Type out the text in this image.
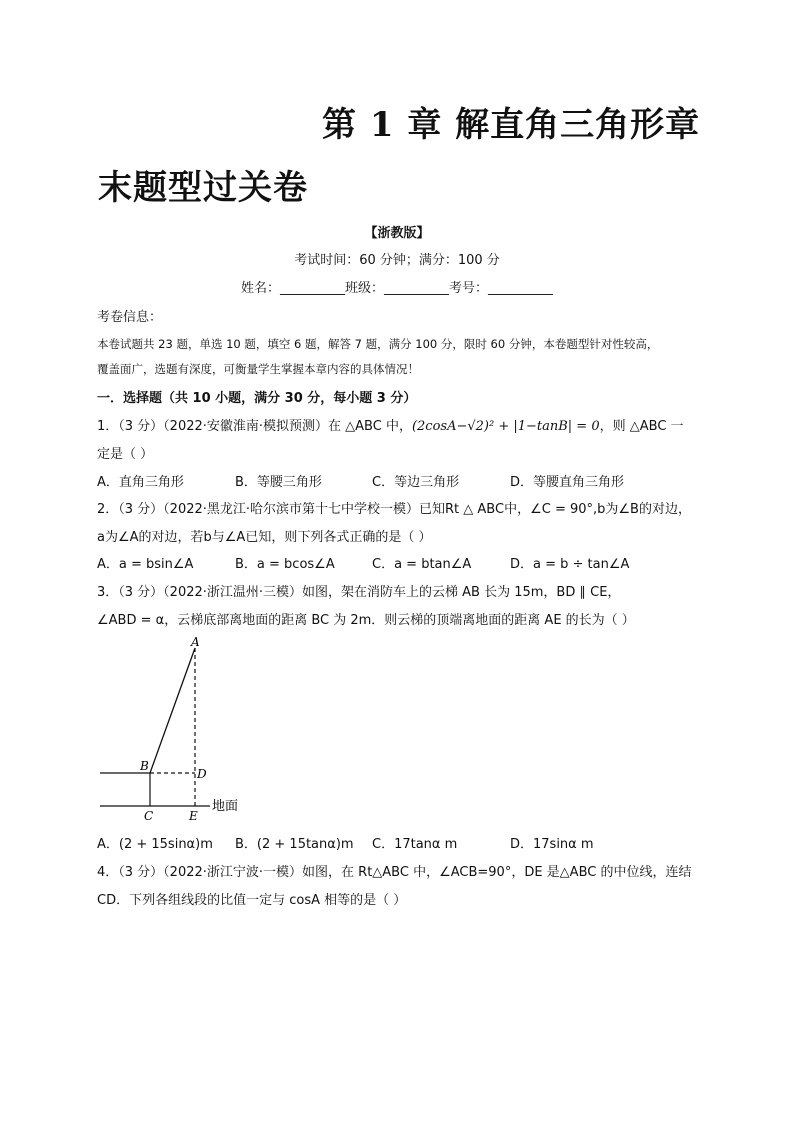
第 1 章 解直角三角形章
末题型过关卷
【浙教版】
考试时间：60 分钟；满分：100 分
姓名：__________班级：__________考号：__________
考卷信息：
本卷试题共 23 题，单选 10 题，填空 6 题，解答 7 题，满分 100 分，限时 60 分钟，本卷题型针对性较高，
覆盖面广，选题有深度，可衡量学生掌握本章内容的具体情况！
一．选择题（共 10 小题，满分 30 分，每小题 3 分）
1．（3 分）（2022·安徽淮南·模拟预测）在 △ABC 中，(2cosA−√2)² + |1−tanB| = 0，则 △ABC 一
定是（ ）
A．直角三角形	B．等腰三角形	C．等边三角形	D．等腰直角三角形
2．（3 分）（2022·黑龙江·哈尔滨市第十七中学校一模）已知Rt △ ABC中，∠C = 90°,b为∠B的对边，
a为∠A的对边，若b与∠A已知，则下列各式正确的是（ ）
A．a = bsin∠A	B．a = bcos∠A	C．a = btan∠A	D．a = b ÷ tan∠A
3．（3 分）（2022·浙江温州·三模）如图，架在消防车上的云梯 AB 长为 15m，BD ∥ CE，
∠ABD = α，云梯底部离地面的距离 BC 为 2m．则云梯的顶端离地面的距离 AE 的长为（ ）
A
B
D
C	E
地面
A．(2 + 15sinα)m B．(2 + 15tanα)m C．17tanα m	D．17sinα m
4．（3 分）（2022·浙江宁波·一模）如图，在 Rt△ABC 中，∠ACB=90°，DE 是△ABC 的中位线，连结
CD．下列各组线段的比值一定与 cosA 相等的是（ ）
